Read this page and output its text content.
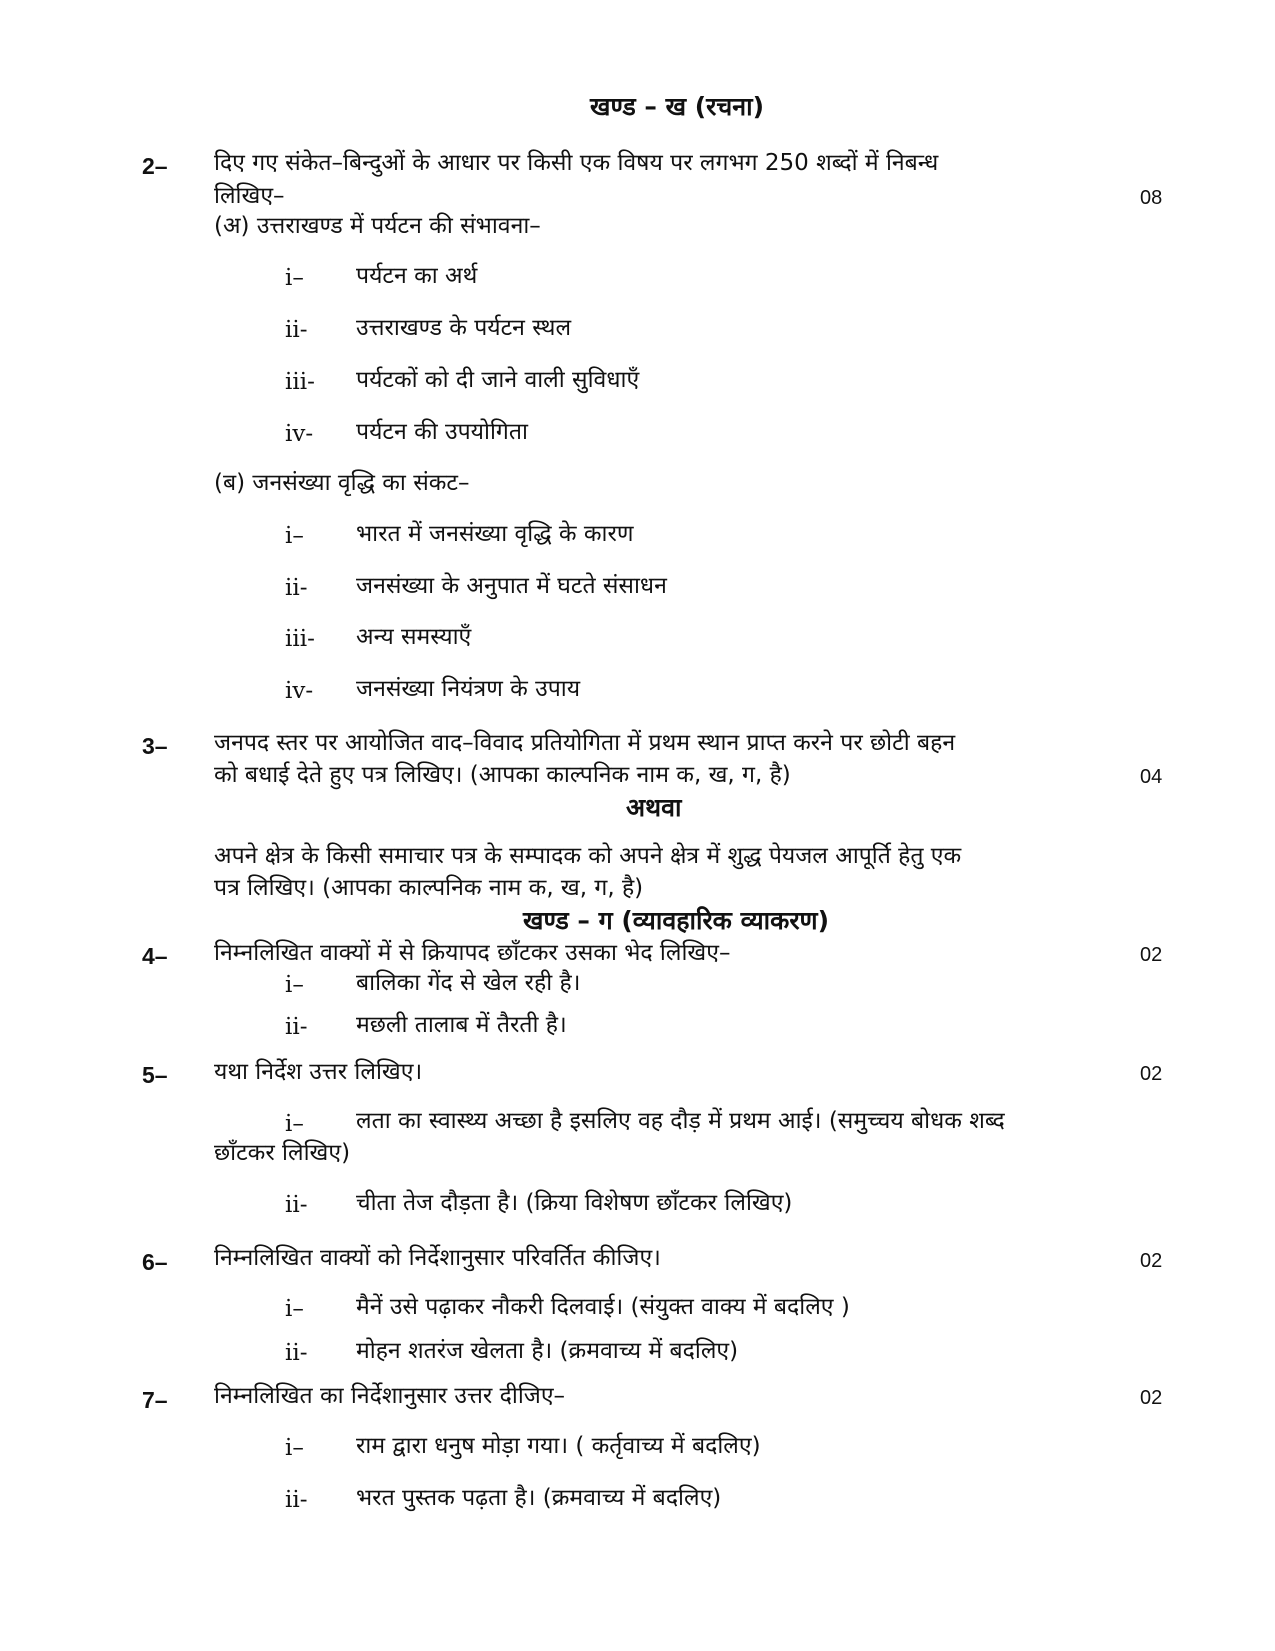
खण्ड – ख (रचना)
2– दिए गए संकेत–बिन्दुओं के आधार पर किसी एक विषय पर लगभग 250 शब्दों में निबन्ध
लिखिए–	08
(अ) उत्तराखण्ड में पर्यटन की संभावना–
i– पर्यटन का अर्थ
ii- उत्तराखण्ड के पर्यटन स्थल
iii- पर्यटकों को दी जाने वाली सुविधाएँ
iv- पर्यटन की उपयोगिता
(ब) जनसंख्या वृद्धि का संकट–
i– भारत में जनसंख्या वृद्धि के कारण
ii- जनसंख्या के अनुपात में घटते संसाधन
iii- अन्य समस्याएँ
iv- जनसंख्या नियंत्रण के उपाय
3– जनपद स्तर पर आयोजित वाद–विवाद प्रतियोगिता में प्रथम स्थान प्राप्त करने पर छोटी बहन
को बधाई देते हुए पत्र लिखिए। (आपका काल्पनिक नाम क, ख, ग, है)	04
अथवा
अपने क्षेत्र के किसी समाचार पत्र के सम्पादक को अपने क्षेत्र में शुद्ध पेयजल आपूर्ति हेतु एक
पत्र लिखिए। (आपका काल्पनिक नाम क, ख, ग, है)
खण्ड – ग (व्यावहारिक व्याकरण)
4– निम्नलिखित वाक्यों में से क्रियापद छाँटकर उसका भेद लिखिए–	02
i– बालिका गेंद से खेल रही है।
ii- मछली तालाब में तैरती है।
5– यथा निर्देश उत्तर लिखिए।	02
i– लता का स्वास्थ्य अच्छा है इसलिए वह दौड़ में प्रथम आई। (समुच्चय बोधक शब्द
छाँटकर लिखिए)
ii- चीता तेज दौड़ता है। (क्रिया विशेषण छाँटकर लिखिए)
6– निम्नलिखित वाक्यों को निर्देशानुसार परिवर्तित कीजिए।	02
i– मैनें उसे पढ़ाकर नौकरी दिलवाई। (संयुक्त वाक्य में बदलिए )
ii- मोहन शतरंज खेलता है। (क्रमवाच्य में बदलिए)
7– निम्नलिखित का निर्देशानुसार उत्तर दीजिए–	02
i– राम द्वारा धनुष मोड़ा गया। ( कर्तृवाच्य में बदलिए)
ii- भरत पुस्तक पढ़ता है। (क्रमवाच्य में बदलिए)
